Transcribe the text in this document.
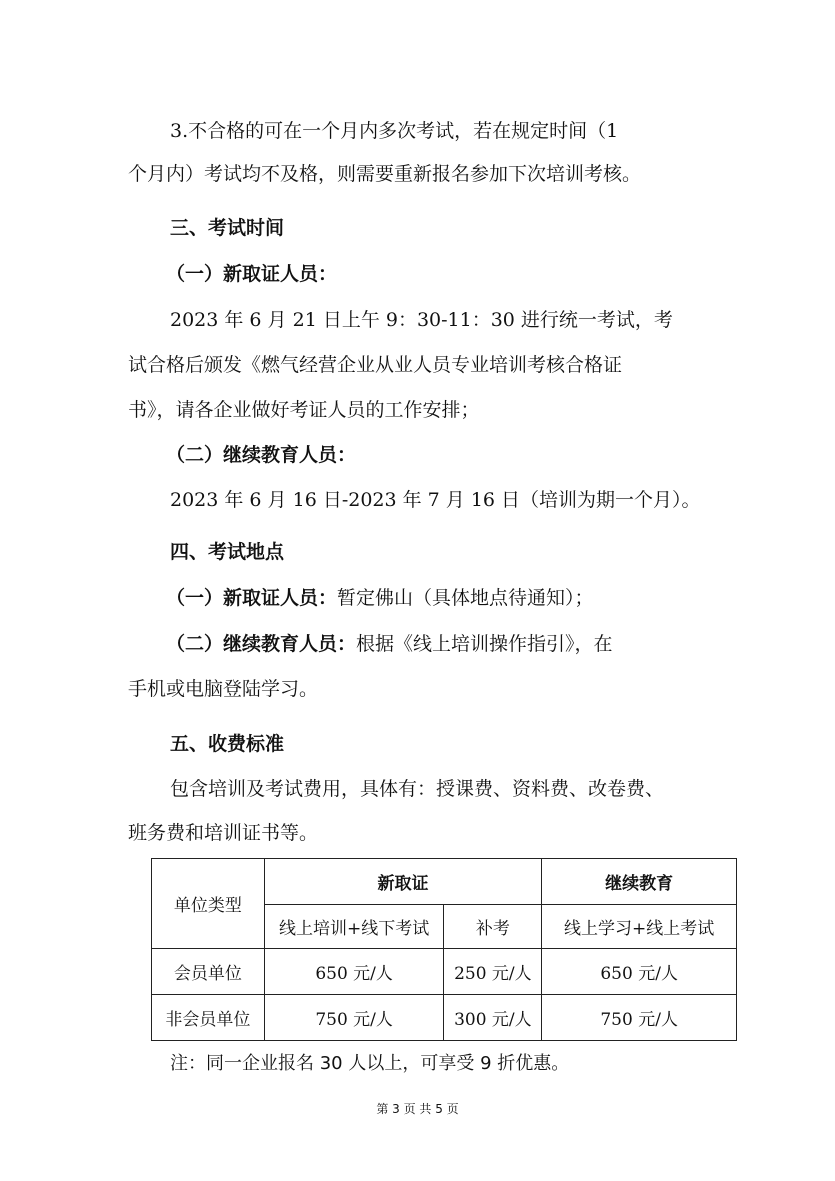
3.不合格的可在一个月内多次考试，若在规定时间（1
个月内）考试均不及格，则需要重新报名参加下次培训考核。
三、考试时间
（一）新取证人员：
2023 年 6 月 21 日上午 9：30-11：30 进行统一考试，考
试合格后颁发《燃气经营企业从业人员专业培训考核合格证
书》，请各企业做好考证人员的工作安排；
（二）继续教育人员：
2023 年 6 月 16 日-2023 年 7 月 16 日（培训为期一个月）。
四、考试地点
（一）新取证人员：暂定佛山（具体地点待通知）；
（二）继续教育人员：根据《线上培训操作指引》，在
手机或电脑登陆学习。
五、收费标准
包含培训及考试费用，具体有：授课费、资料费、改卷费、
班务费和培训证书等。
单位类型	新取证		继续教育
	线上培训+线下考试	补考	线上学习+线上考试
会员单位	650 元/人	250 元/人	650 元/人
非会员单位	750 元/人	300 元/人	750 元/人
注：同一企业报名 30 人以上，可享受 9 折优惠。
第 3 页 共 5 页
